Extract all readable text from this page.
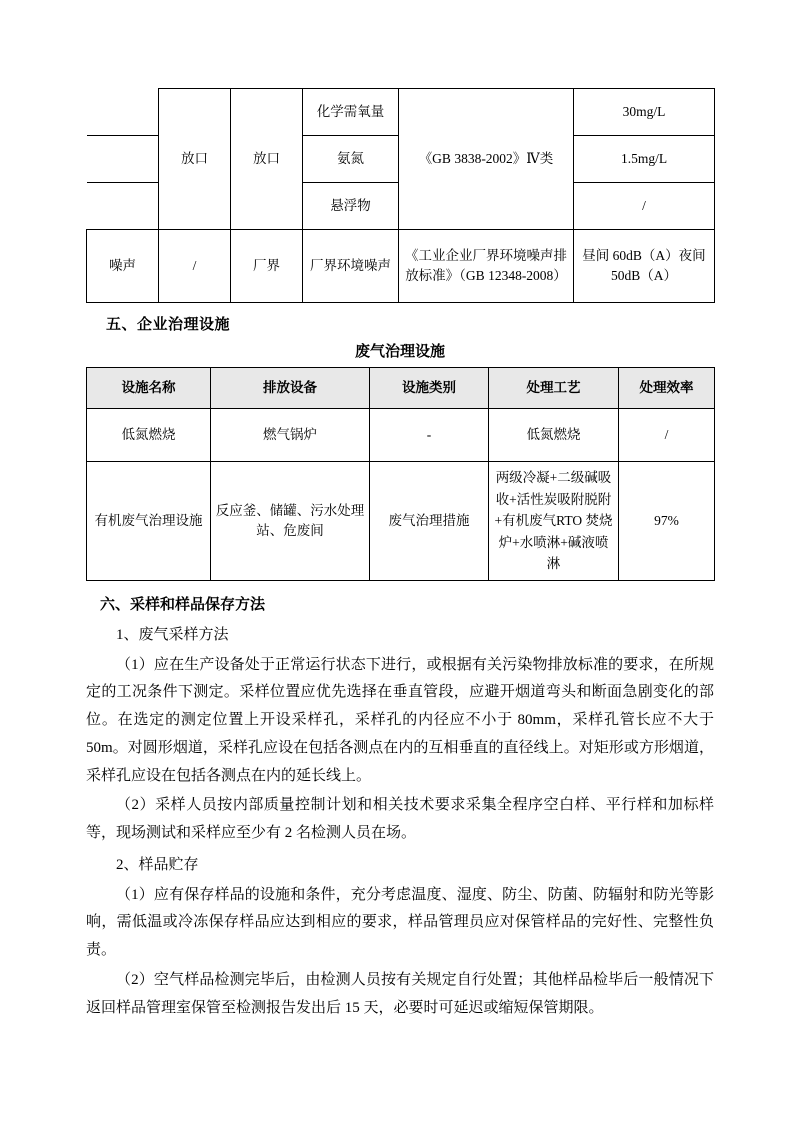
	放口	放口	化学需氧量	《GB 3838-2002》Ⅳ类	30mg/L
			氨氮		1.5mg/L
			悬浮物		/
噪声	/	厂界	厂界环境噪声	《工业企业厂界环境噪声排放标准》（GB 12348-2008）	昼间 60dB（A）夜间 50dB（A）
五、企业治理设施
废气治理设施
设施名称	排放设备	设施类别	处理工艺	处理效率
低氮燃烧	燃气锅炉	-	低氮燃烧	/
有机废气治理设施	反应釜、储罐、污水处理站、危废间	废气治理措施	两级冷凝+二级碱吸收+活性炭吸附脱附+有机废气RTO 焚烧炉+水喷淋+碱液喷淋	97%
六、采样和样品保存方法

1、废气采样方法

（1）应在生产设备处于正常运行状态下进行，或根据有关污染物排放标准的要求，在所规定的工况条件下测定。采样位置应优先选择在垂直管段，应避开烟道弯头和断面急剧变化的部位。在选定的测定位置上开设采样孔，采样孔的内径应不小于 80mm，采样孔管长应不大于 50m。对圆形烟道，采样孔应设在包括各测点在内的互相垂直的直径线上。对矩形或方形烟道，采样孔应设在包括各测点在内的延长线上。

（2）采样人员按内部质量控制计划和相关技术要求采集全程序空白样、平行样和加标样等，现场测试和采样应至少有 2 名检测人员在场。

2、样品贮存

（1）应有保存样品的设施和条件，充分考虑温度、湿度、防尘、防菌、防辐射和防光等影响，需低温或冷冻保存样品应达到相应的要求，样品管理员应对保管样品的完好性、完整性负责。

（2）空气样品检测完毕后，由检测人员按有关规定自行处置；其他样品检毕后一般情况下返回样品管理室保管至检测报告发出后 15 天，必要时可延迟或缩短保管期限。
